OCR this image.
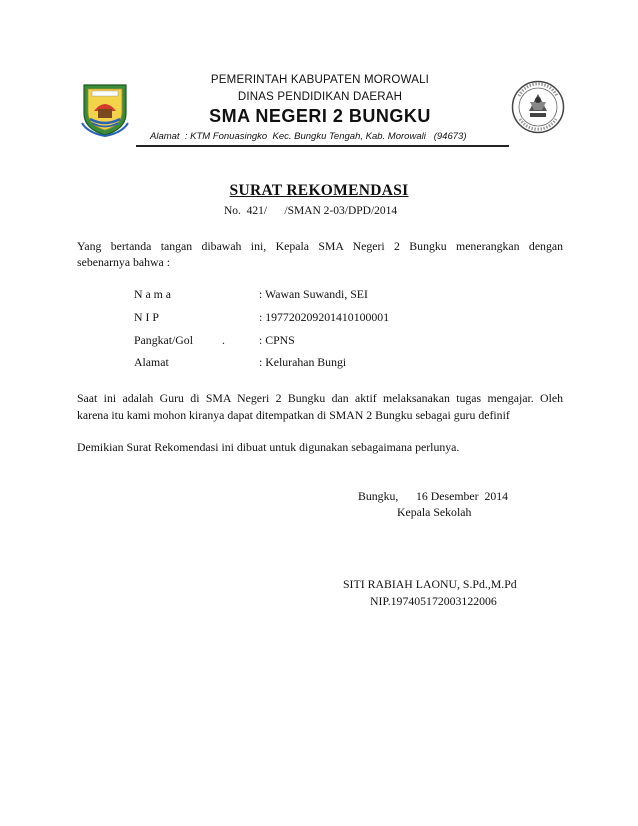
PEMERINTAH KABUPATEN MOROWALI
DINAS PENDIDIKAN DAERAH
SMA NEGERI 2 BUNGKU
Alamat  : KTM Fonuasingko  Kec. Bungku Tengah, Kab. Morowali   (94673)
SURAT REKOMENDASI
No.  421/      /SMAN 2-03/DPD/2014
Yang bertanda tangan dibawah ini, Kepala SMA Negeri 2 Bungku menerangkan dengan
sebenarnya bahwa :
N a m a	: Wawan Suwandi, SEI
N I P	: 197720209201410100001
Pangkat/Gol .	: CPNS
Alamat	: Kelurahan Bungi
Saat ini adalah Guru di SMA Negeri 2 Bungku dan aktif melaksanakan tugas mengajar. Oleh
karena itu kami mohon kiranya dapat ditempatkan di SMAN 2 Bungku sebagai guru definif
Demikian Surat Rekomendasi ini dibuat untuk digunakan sebagaimana perlunya.
Bungku,      16 Desember  2014
Kepala Sekolah
SITI RABIAH LAONU, S.Pd.,M.Pd
NIP.197405172003122006
